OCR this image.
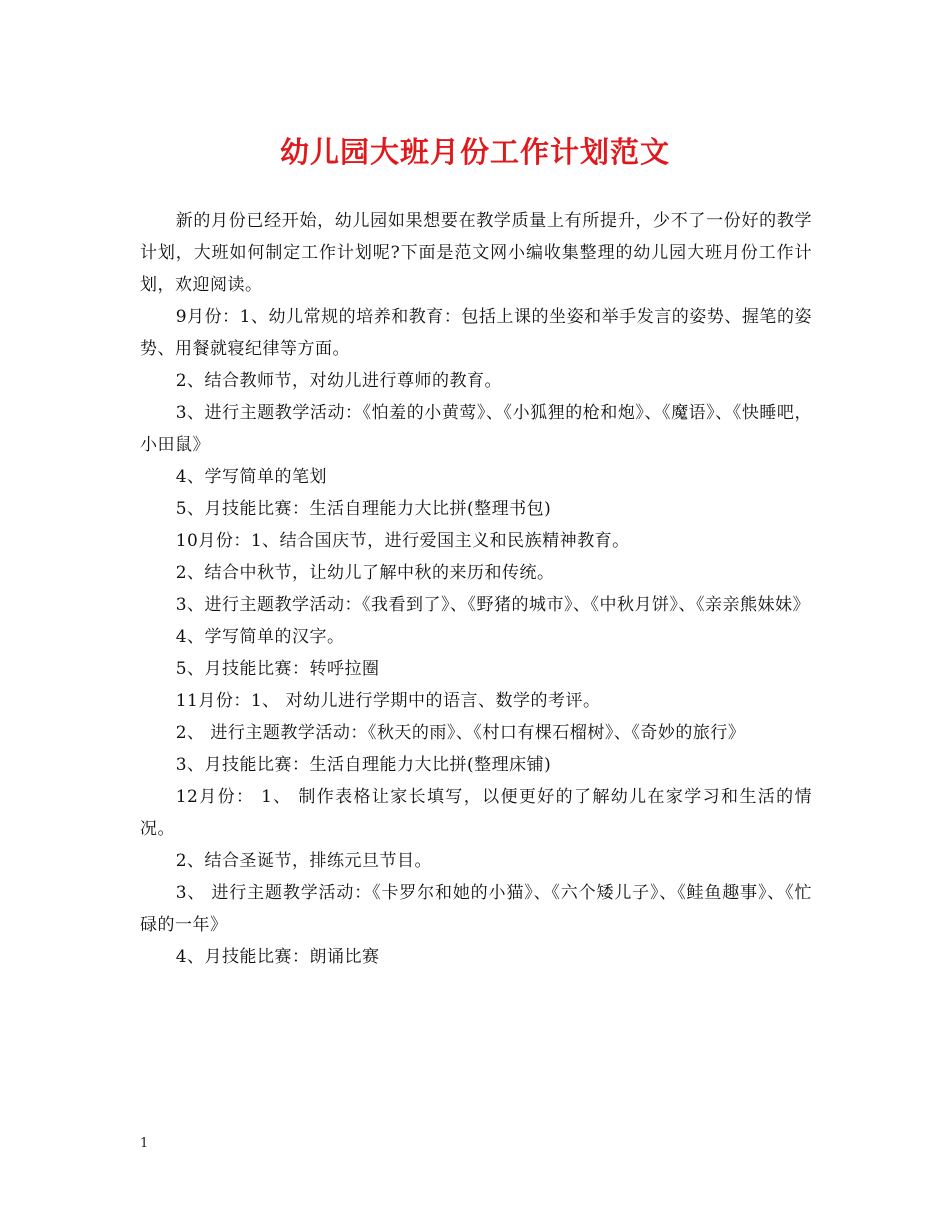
幼儿园大班月份工作计划范文

新的月份已经开始，幼儿园如果想要在教学质量上有所提升，少不了一份好的教学计划，大班如何制定工作计划呢?下面是范文网小编收集整理的幼儿园大班月份工作计划，欢迎阅读。

9月份：1、幼儿常规的培养和教育：包括上课的坐姿和举手发言的姿势、握笔的姿势、用餐就寝纪律等方面。

2、结合教师节，对幼儿进行尊师的教育。

3、进行主题教学活动：《怕羞的小黄莺》、《小狐狸的枪和炮》、《魔语》、《快睡吧，小田鼠》

4、学写简单的笔划

5、月技能比赛：生活自理能力大比拼(整理书包)

10月份：1、结合国庆节，进行爱国主义和民族精神教育。

2、结合中秋节，让幼儿了解中秋的来历和传统。

3、进行主题教学活动：《我看到了》、《野猪的城市》、《中秋月饼》、《亲亲熊妹妹》

4、学写简单的汉字。

5、月技能比赛：转呼拉圈

11月份：1、 对幼儿进行学期中的语言、数学的考评。

2、 进行主题教学活动：《秋天的雨》、《村口有棵石榴树》、《奇妙的旅行》

3、月技能比赛：生活自理能力大比拼(整理床铺)

12月份： 1、 制作表格让家长填写，以便更好的了解幼儿在家学习和生活的情况。

2、结合圣诞节，排练元旦节目。

3、 进行主题教学活动：《卡罗尔和她的小猫》、《六个矮儿子》、《鲑鱼趣事》、《忙碌的一年》

4、月技能比赛：朗诵比赛

1
